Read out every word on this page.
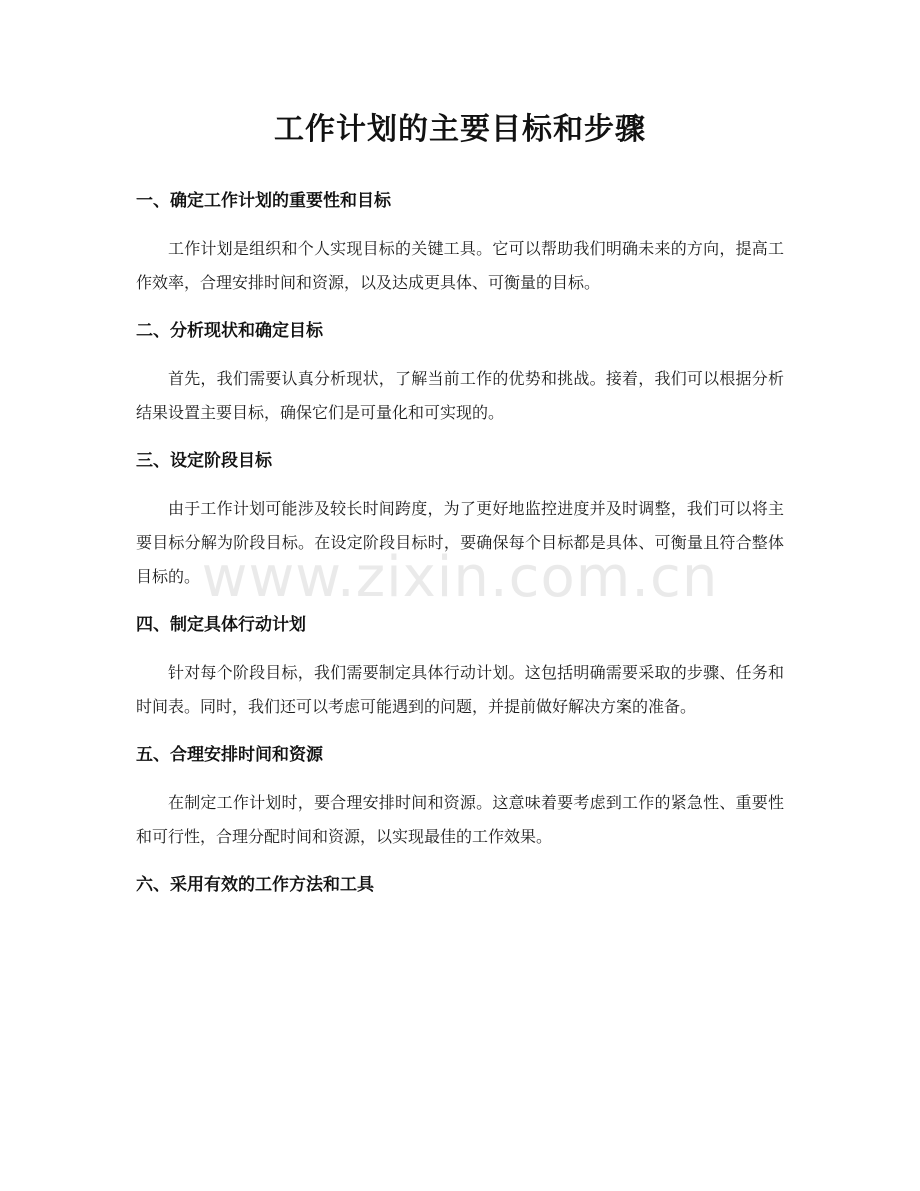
工作计划的主要目标和步骤
一、确定工作计划的重要性和目标

工作计划是组织和个人实现目标的关键工具。它可以帮助我们明确未来的方向，提高工作效率，合理安排时间和资源，以及达成更具体、可衡量的目标。

二、分析现状和确定目标

首先，我们需要认真分析现状，了解当前工作的优势和挑战。接着，我们可以根据分析结果设置主要目标，确保它们是可量化和可实现的。

三、设定阶段目标

由于工作计划可能涉及较长时间跨度，为了更好地监控进度并及时调整，我们可以将主要目标分解为阶段目标。在设定阶段目标时，要确保每个目标都是具体、可衡量且符合整体目标的。

四、制定具体行动计划

针对每个阶段目标，我们需要制定具体行动计划。这包括明确需要采取的步骤、任务和时间表。同时，我们还可以考虑可能遇到的问题，并提前做好解决方案的准备。

五、合理安排时间和资源

在制定工作计划时，要合理安排时间和资源。这意味着要考虑到工作的紧急性、重要性和可行性，合理分配时间和资源，以实现最佳的工作效果。

六、采用有效的工作方法和工具
www.zixin.com.cn
